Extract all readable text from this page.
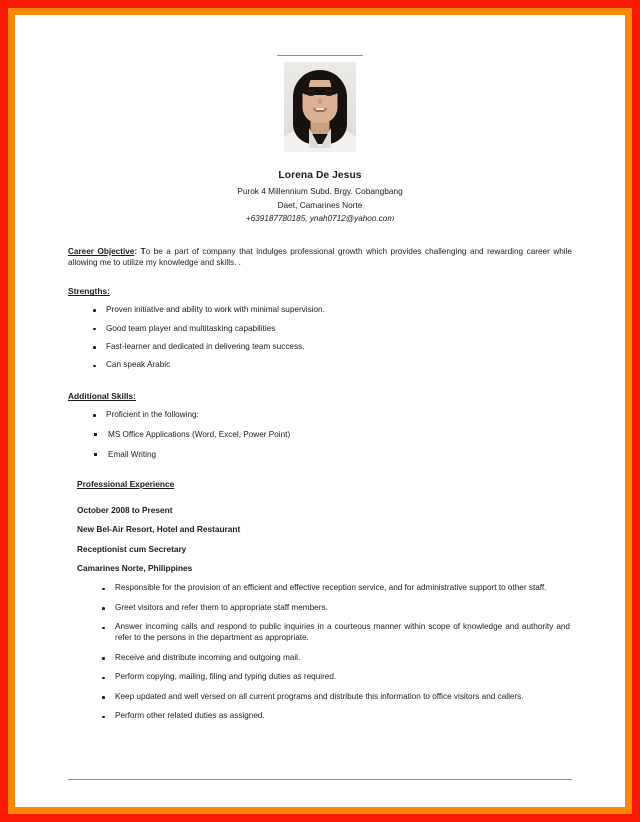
Lorena De Jesus
Purok 4 Millennium Subd. Brgy. Cobangbang
Daet, Camarines Norte
+639187780185, ynah0712@yahoo.com
Career Objective: To be a part of company that indulges professional growth which provides challenging and rewarding career while allowing me to utilize my knowledge and skills. .
Strengths:
Proven initiative and ability to work with minimal supervision.
Good team player and multitasking capabilities
Fast-learner and dedicated in delivering team success.
Can speak Arabic
Additional Skills:
Proficient in the following:
MS Office Applications (Word, Excel, Power Point)
Email Writing
Professional Experience
October 2008 to Present
New Bel-Air Resort, Hotel and Restaurant
Receptionist cum Secretary
Camarines Norte, Philippines
Responsible for the provision of an efficient and effective reception service, and for administrative support to other staff.
Greet visitors and refer them to appropriate staff members.
Answer incoming calls and respond to public inquiries in a courteous manner within scope of knowledge and authority and refer to the persons in the department as appropriate.
Receive and distribute incoming and outgoing mail.
Perform copying, mailing, filing and typing duties as required.
Keep updated and well versed on all current programs and distribute this information to office visitors and callers.
Perform other related duties as assigned.
